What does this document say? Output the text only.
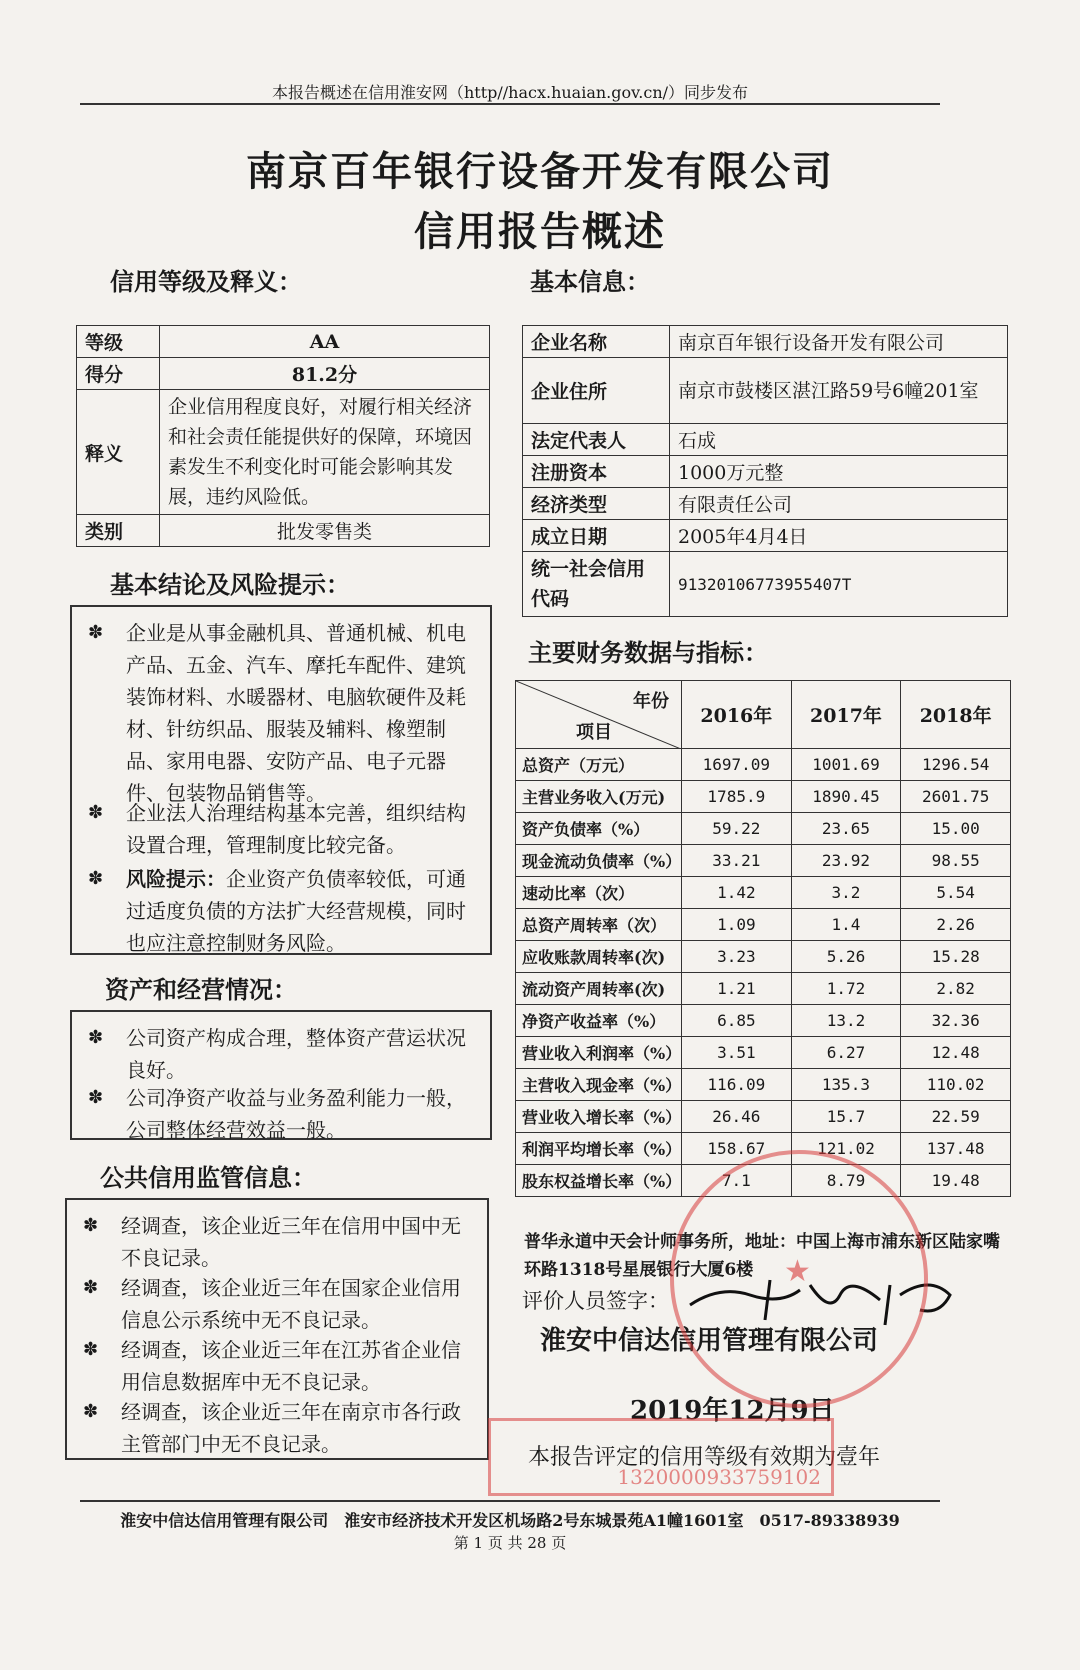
本报告概述在信用淮安网（http//hacx.huaian.gov.cn/）同步发布
南京百年银行设备开发有限公司
信用报告概述
信用等级及释义：
等级	AA
得分	81.2分
释义	企业信用程度良好，对履行相关经济和社会责任能提供好的保障，环境因素发生不利变化时可能会影响其发展，违约风险低。
类别	批发零售类
基本结论及风险提示：
✽ 企业是从事金融机具、普通机械、机电产品、五金、汽车、摩托车配件、建筑装饰材料、水暖器材、电脑软硬件及耗材、针纺织品、服装及辅料、橡塑制品、家用电器、安防产品、电子元器件、包装物品销售等。
✽ 企业法人治理结构基本完善，组织结构设置合理，管理制度比较完备。
✽ 风险提示：企业资产负债率较低，可通过适度负债的方法扩大经营规模，同时也应注意控制财务风险。
资产和经营情况：
✽ 公司资产构成合理，整体资产营运状况良好。
✽ 公司净资产收益与业务盈利能力一般，公司整体经营效益一般。
公共信用监管信息：
✽ 经调查，该企业近三年在信用中国中无不良记录。
✽ 经调查，该企业近三年在国家企业信用信息公示系统中无不良记录。
✽ 经调查，该企业近三年在江苏省企业信用信息数据库中无不良记录。
✽ 经调查，该企业近三年在南京市各行政主管部门中无不良记录。
基本信息：
企业名称	南京百年银行设备开发有限公司
企业住所	南京市鼓楼区湛江路59号6幢201室
法定代表人	石成
注册资本	1000万元整
经济类型	有限责任公司
成立日期	2005年4月4日
统一社会信用代码	91320106773955407T
主要财务数据与指标：
年份
项目	2016年	2017年	2018年
总资产（万元）	1697.09	1001.69	1296.54
主营业务收入(万元)	1785.9	1890.45	2601.75
资产负债率（%）	59.22	23.65	15.00
现金流动负债率（%）	33.21	23.92	98.55
速动比率（次）	1.42	3.2	5.54
总资产周转率（次）	1.09	1.4	2.26
应收账款周转率(次)	3.23	5.26	15.28
流动资产周转率(次)	1.21	1.72	2.82
净资产收益率（%）	6.85	13.2	32.36
营业收入利润率（%）	3.51	6.27	12.48
主营收入现金率（%）	116.09	135.3	110.02
营业收入增长率（%）	26.46	15.7	22.59
利润平均增长率（%）	158.67	121.02	137.48
股东权益增长率（%）	7.1	8.79	19.48
普华永道中天会计师事务所，地址：中国上海市浦东新区陆家嘴环路1318号星展银行大厦6楼
评价人员签字：
淮安中信达信用管理有限公司
2019年12月9日
本报告评定的信用等级有效期为壹年
★
1320000933759102
淮安中信达信用管理有限公司　淮安市经济技术开发区机场路2号东城景苑A1幢1601室　0517-89338939
第 1 页 共 28 页
